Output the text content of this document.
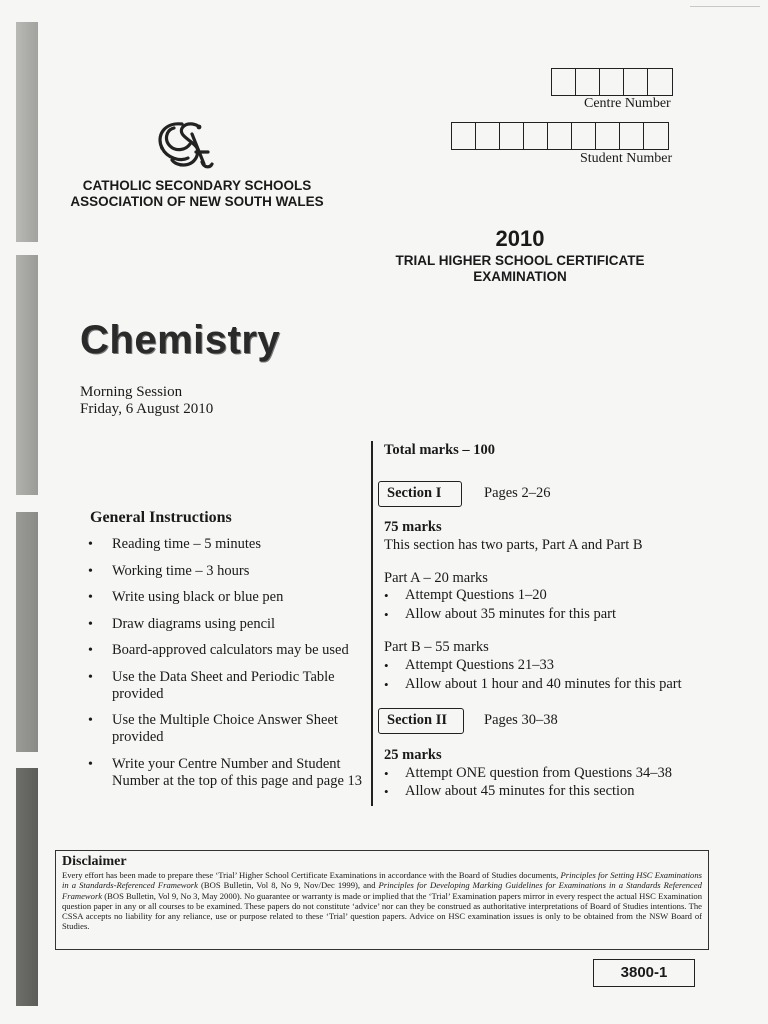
Centre Number
Student Number
CATHOLIC SECONDARY SCHOOLS
ASSOCIATION OF NEW SOUTH WALES
2010
TRIAL HIGHER SCHOOL CERTIFICATE
EXAMINATION
Chemistry
Morning Session
Friday, 6 August 2010
General Instructions
• Reading time – 5 minutes
• Working time – 3 hours
• Write using black or blue pen
• Draw diagrams using pencil
• Board-approved calculators may be used
• Use the Data Sheet and Periodic Table provided
• Use the Multiple Choice Answer Sheet provided
• Write your Centre Number and Student Number at the top of this page and page 13
Total marks – 100
Section I	Pages 2–26
75 marks
This section has two parts, Part A and Part B
Part A – 20 marks
• Attempt Questions 1–20
• Allow about 35 minutes for this part
Part B – 55 marks
• Attempt Questions 21–33
• Allow about 1 hour and 40 minutes for this part
Section II	Pages 30–38
25 marks
• Attempt ONE question from Questions 34–38
• Allow about 45 minutes for this section
Disclaimer
Every effort has been made to prepare these ‘Trial’ Higher School Certificate Examinations in accordance with the Board of Studies documents, Principles for Setting HSC Examinations in a Standards-Referenced Framework (BOS Bulletin, Vol 8, No 9, Nov/Dec 1999), and Principles for Developing Marking Guidelines for Examinations in a Standards Referenced Framework (BOS Bulletin, Vol 9, No 3, May 2000). No guarantee or warranty is made or implied that the ‘Trial’ Examination papers mirror in every respect the actual HSC Examination question paper in any or all courses to be examined. These papers do not constitute ‘advice’ nor can they be construed as authoritative interpretations of Board of Studies intentions. The CSSA accepts no liability for any reliance, use or purpose related to these ‘Trial’ question papers. Advice on HSC examination issues is only to be obtained from the NSW Board of Studies.
3800-1
